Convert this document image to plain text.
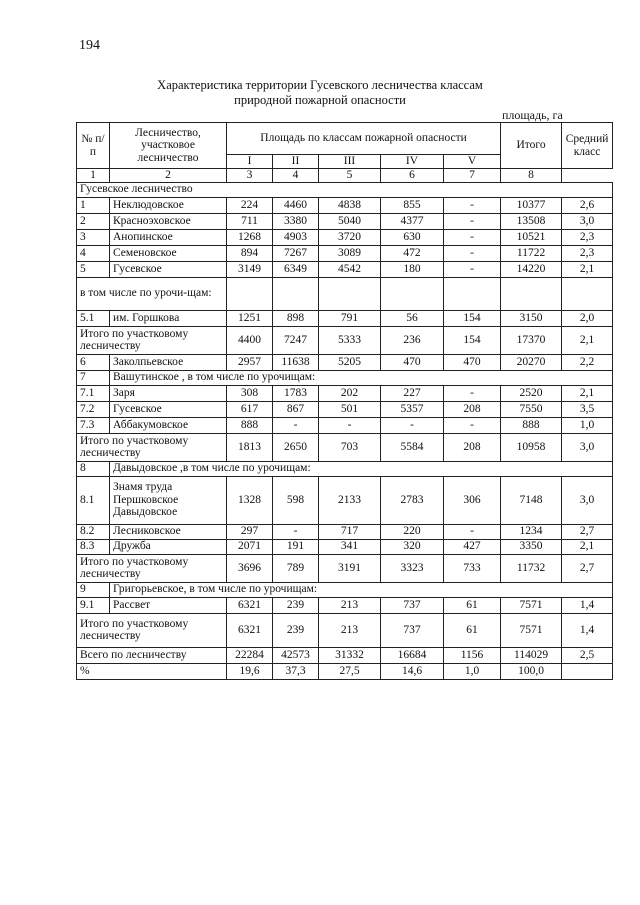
194
Характеристика территории Гусевского лесничества классам
природной пожарной опасности
площадь, га
№ п/п	Лесничество, участковое лесничество	Площадь по классам пожарной опасности					Итого	Средний класс
		I	II	III	IV	V		
1	2	3	4	5	6	7	8	
Гусевское лесничество								
1	Неклюдовское	224	4460	4838	855	-	10377	2,6
2	Красноэховское	711	3380	5040	4377	-	13508	3,0
3	Анопинское	1268	4903	3720	630	-	10521	2,3
4	Семеновское	894	7267	3089	472	-	11722	2,3
5	Гусевское	3149	6349	4542	180	-	14220	2,1
в том числе по урочи-щам:								
5.1	им. Горшкова	1251	898	791	56	154	3150	2,0
Итого по участковому лесничеству		4400	7247	5333	236	154	17370	2,1
6	Заколпьевское	2957	11638	5205	470	470	20270	2,2
7	Вашутинское , в том числе по урочищам:							
7.1	Заря	308	1783	202	227	-	2520	2,1
7.2	Гусевское	617	867	501	5357	208	7550	3,5
7.3	Аббакумовское	888	-	-	-	-	888	1,0
Итого по участковому лесничеству		1813	2650	703	5584	208	10958	3,0
8	Давыдовское ,в том числе по урочищам:							
8.1	Знамя труда
Першковское
Давыдовское	1328	598	2133	2783	306	7148	3,0
8.2	Лесниковское	297	-	717	220	-	1234	2,7
8.3	Дружба	2071	191	341	320	427	3350	2,1
Итого по участковому лесничеству		3696	789	3191	3323	733	11732	2,7
9	Григорьевское, в том числе по урочищам:							
9.1	Рассвет	6321	239	213	737	61	7571	1,4
Итого по участковому лесничеству		6321	239	213	737	61	7571	1,4
Всего по лесничеству		22284	42573	31332	16684	1156	114029	2,5
%		19,6	37,3	27,5	14,6	1,0	100,0	
